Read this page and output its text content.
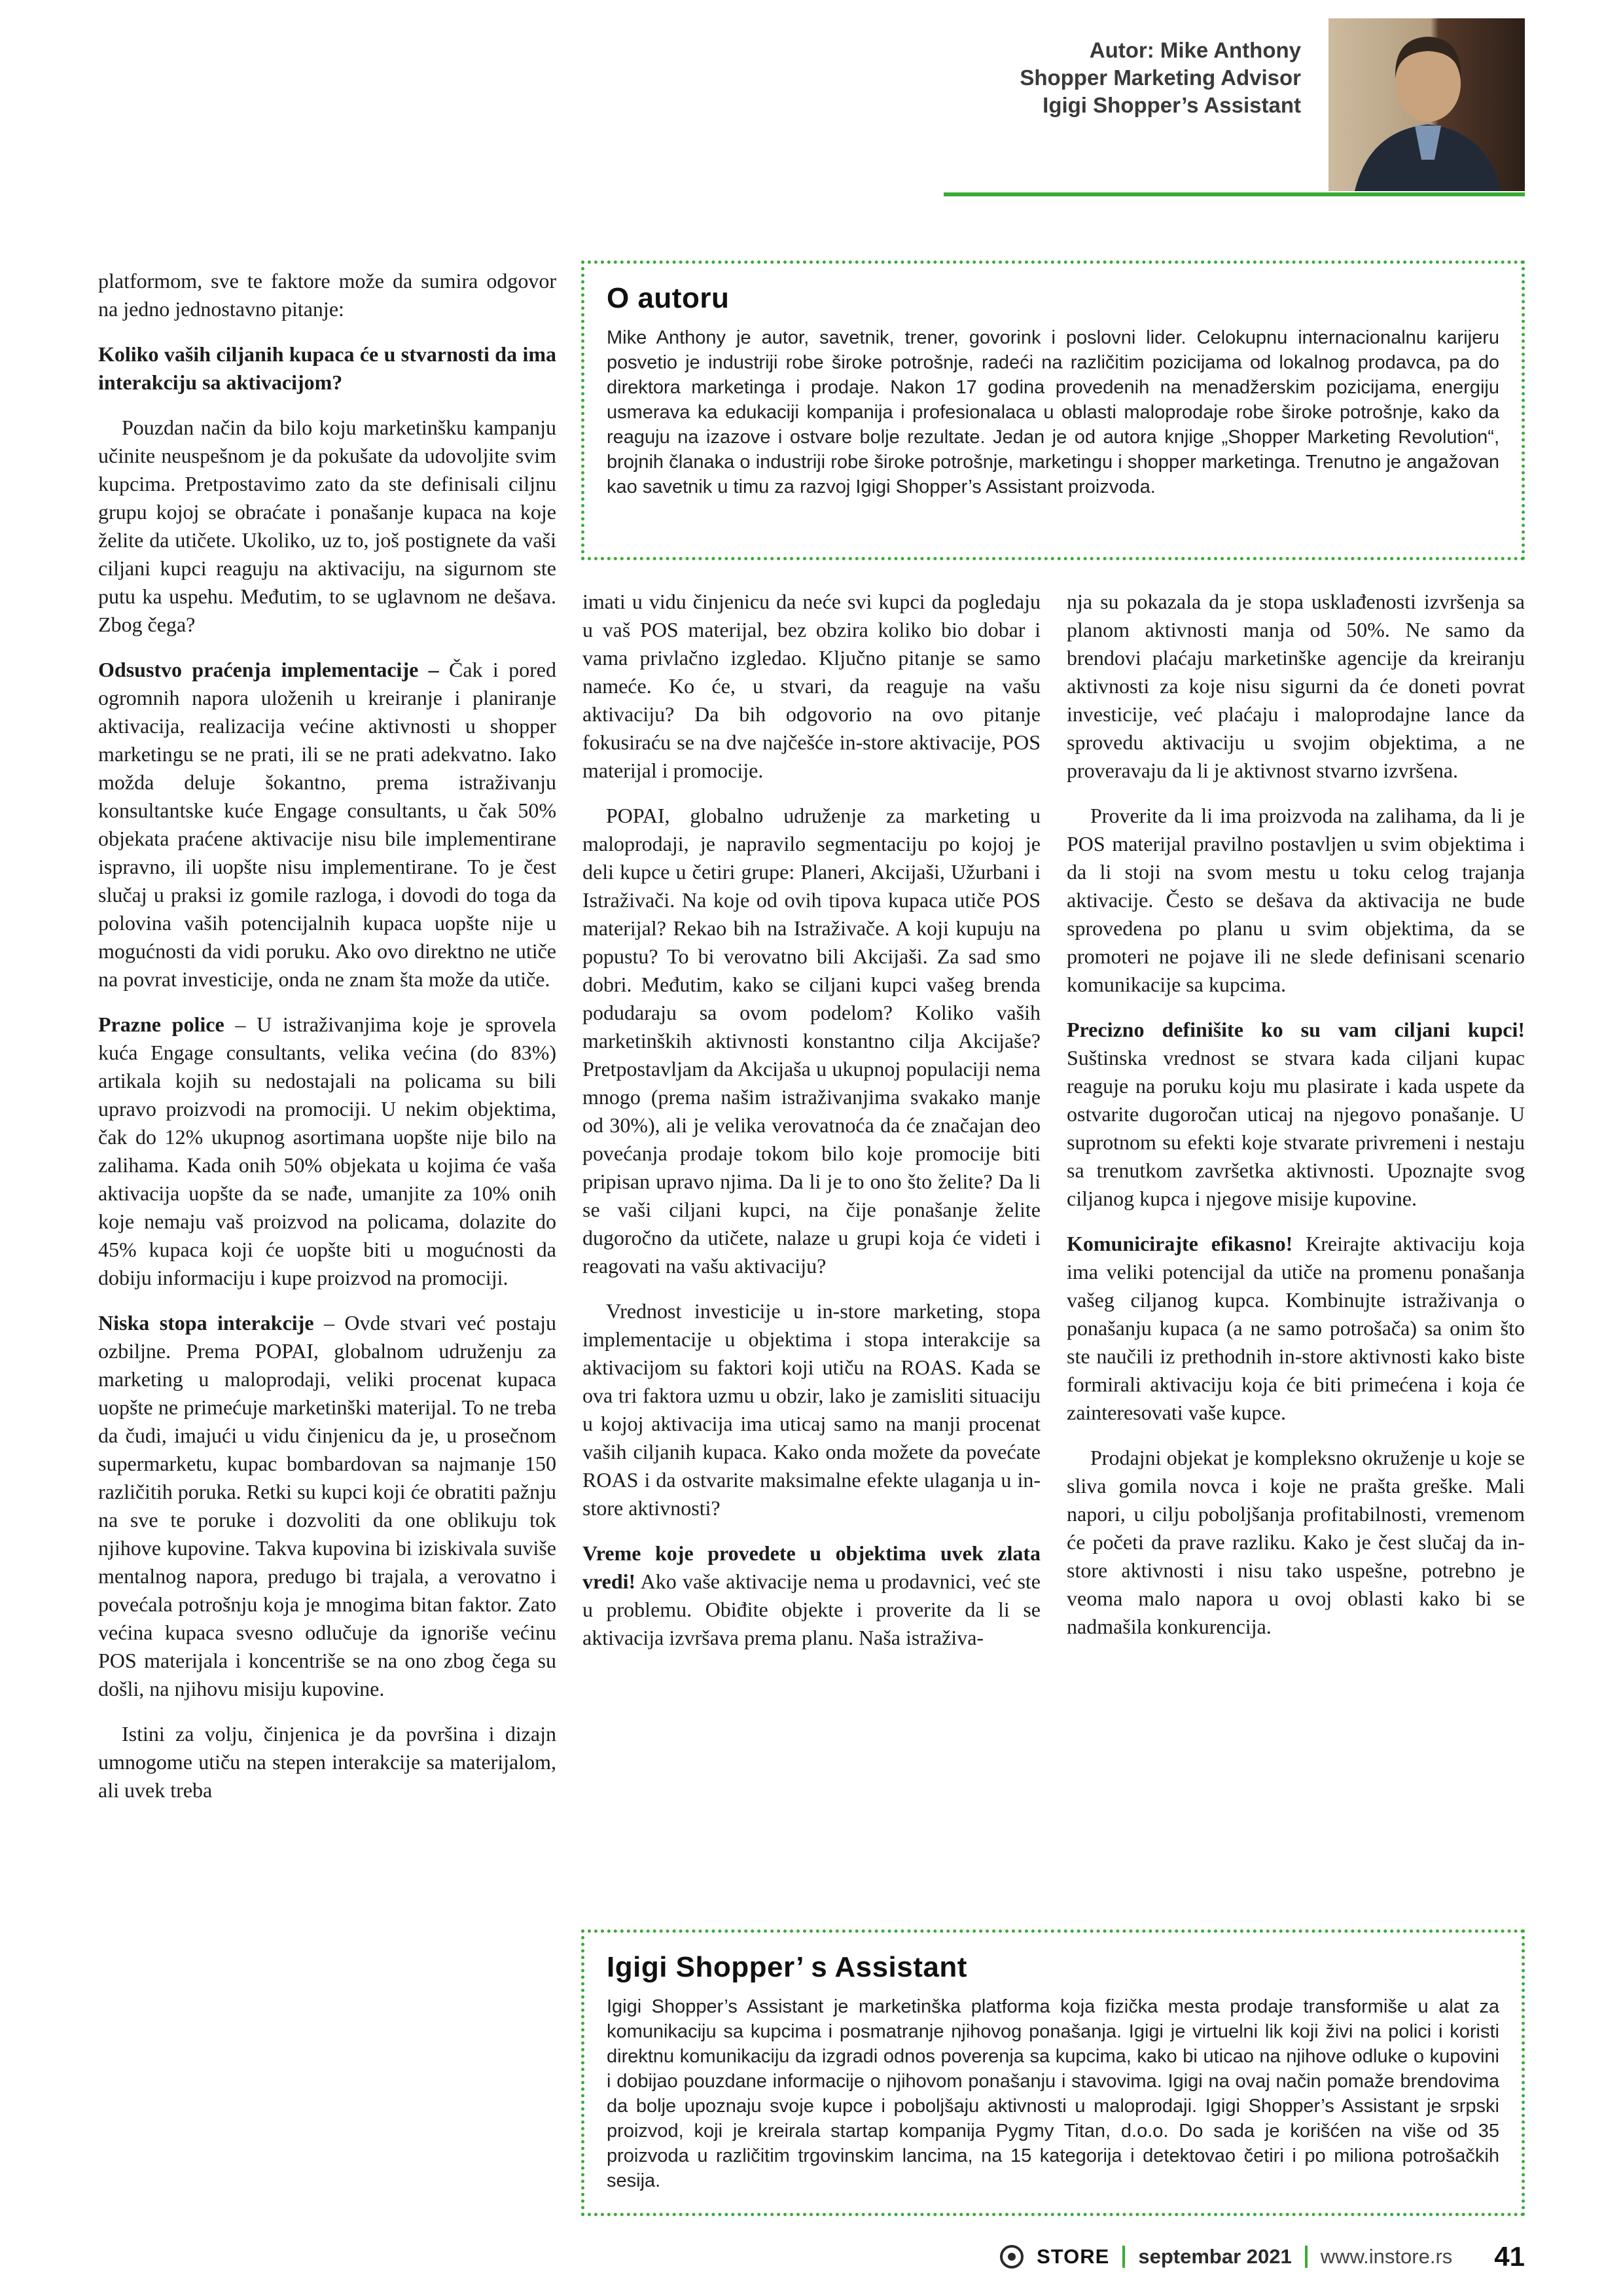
Autor: Mike Anthony
Shopper Marketing Advisor
Igigi Shopper’s Assistant
O autoru
Mike Anthony je autor, savetnik, trener, govorink i poslovni lider. Celokupnu internacionalnu karijeru posvetio je industriji robe široke potrošnje, radeći na različitim pozicijama od lokalnog prodavca, pa do direktora marketinga i prodaje. Nakon 17 godina provedenih na menadžerskim pozicijama, energiju usmerava ka edukaciji kompanija i profesionalaca u oblasti maloprodaje robe široke potrošnje, kako da reaguju na izazove i ostvare bolje rezultate. Jedan je od autora knjige „Shopper Marketing Revolution“, brojnih članaka o industriji robe široke potrošnje, marketingu i shopper marketinga. Trenutno je angažovan kao savetnik u timu za razvoj Igigi Shopper’s Assistant proizvoda.

platformom, sve te faktore može da sumira odgovor na jedno jednostavno pitanje:

Koliko vaših ciljanih kupaca će u stvarnosti da ima interakciju sa aktivacijom?

Pouzdan način da bilo koju marketinšku kampanju učinite neuspešnom je da pokušate da udovoljite svim kupcima. Pretpostavimo zato da ste definisali ciljnu grupu kojoj se obraćate i ponašanje kupaca na koje želite da utičete. Ukoliko, uz to, još postignete da vaši ciljani kupci reaguju na aktivaciju, na sigurnom ste putu ka uspehu. Međutim, to se uglavnom ne dešava. Zbog čega?

Odsustvo praćenja implementacije – Čak i pored ogromnih napora uloženih u kreiranje i planiranje aktivacija, realizacija većine aktivnosti u shopper marketingu se ne prati, ili se ne prati adekvatno. Iako možda deluje šokantno, prema istraživanju konsultantske kuće Engage consultants, u čak 50% objekata praćene aktivacije nisu bile implementirane ispravno, ili uopšte nisu implementirane. To je čest slučaj u praksi iz gomile razloga, i dovodi do toga da polovina vaših potencijalnih kupaca uopšte nije u mogućnosti da vidi poruku. Ako ovo direktno ne utiče na povrat investicije, onda ne znam šta može da utiče.

Prazne police – U istraživanjima koje je sprovela kuća Engage consultants, velika većina (do 83%) artikala kojih su nedostajali na policama su bili upravo proizvodi na promociji. U nekim objektima, čak do 12% ukupnog asortimana uopšte nije bilo na zalihama. Kada onih 50% objekata u kojima će vaša aktivacija uopšte da se nađe, umanjite za 10% onih koje nemaju vaš proizvod na policama, dolazite do 45% kupaca koji će uopšte biti u mogućnosti da dobiju informaciju i kupe proizvod na promociji.

Niska stopa interakcije – Ovde stvari već postaju ozbiljne. Prema POPAI, globalnom udruženju za marketing u maloprodaji, veliki procenat kupaca uopšte ne primećuje marketinški materijal. To ne treba da čudi, imajući u vidu činjenicu da je, u prosečnom supermarketu, kupac bombardovan sa najmanje 150 različitih poruka. Retki su kupci koji će obratiti pažnju na sve te poruke i dozvoliti da one oblikuju tok njihove kupovine. Takva kupovina bi iziskivala suviše mentalnog napora, predugo bi trajala, a verovatno i povećala potrošnju koja je mnogima bitan faktor. Zato većina kupaca svesno odlučuje da ignoriše većinu POS materijala i koncentriše se na ono zbog čega su došli, na njihovu misiju kupovine.

Istini za volju, činjenica je da površina i dizajn umnogome utiču na stepen interakcije sa materijalom, ali uvek treba

imati u vidu činjenicu da neće svi kupci da pogledaju u vaš POS materijal, bez obzira koliko bio dobar i vama privlačno izgledao. Ključno pitanje se samo nameće. Ko će, u stvari, da reaguje na vašu aktivaciju? Da bih odgovorio na ovo pitanje fokusiraću se na dve najčešće in-store aktivacije, POS materijal i promocije.

POPAI, globalno udruženje za marketing u maloprodaji, je napravilo segmentaciju po kojoj je deli kupce u četiri grupe: Planeri, Akcijaši, Užurbani i Istraživači. Na koje od ovih tipova kupaca utiče POS materijal? Rekao bih na Istraživače. A koji kupuju na popustu? To bi verovatno bili Akcijaši. Za sad smo dobri. Međutim, kako se ciljani kupci vašeg brenda podudaraju sa ovom podelom? Koliko vaših marketinških aktivnosti konstantno cilja Akcijaše? Pretpostavljam da Akcijaša u ukupnoj populaciji nema mnogo (prema našim istraživanjima svakako manje od 30%), ali je velika verovatnoća da će značajan deo povećanja prodaje tokom bilo koje promocije biti pripisan upravo njima. Da li je to ono što želite? Da li se vaši ciljani kupci, na čije ponašanje želite dugoročno da utičete, nalaze u grupi koja će videti i reagovati na vašu aktivaciju?

Vrednost investicije u in-store marketing, stopa implementacije u objektima i stopa interakcije sa aktivacijom su faktori koji utiču na ROAS. Kada se ova tri faktora uzmu u obzir, lako je zamisliti situaciju u kojoj aktivacija ima uticaj samo na manji procenat vaših ciljanih kupaca. Kako onda možete da povećate ROAS i da ostvarite maksimalne efekte ulaganja u in-store aktivnosti?

Vreme koje provedete u objektima uvek zlata vredi! Ako vaše aktivacije nema u prodavnici, već ste u problemu. Obiđite objekte i proverite da li se aktivacija izvršava prema planu. Naša istraživa-

nja su pokazala da je stopa usklađenosti izvršenja sa planom aktivnosti manja od 50%. Ne samo da brendovi plaćaju marketinške agencije da kreiranju aktivnosti za koje nisu sigurni da će doneti povrat investicije, već plaćaju i maloprodajne lance da sprovedu aktivaciju u svojim objektima, a ne proveravaju da li je aktivnost stvarno izvršena.

Proverite da li ima proizvoda na zalihama, da li je POS materijal pravilno postavljen u svim objektima i da li stoji na svom mestu u toku celog trajanja aktivacije. Često se dešava da aktivacija ne bude sprovedena po planu u svim objektima, da se promoteri ne pojave ili ne slede definisani scenario komunikacije sa kupcima.

Precizno definišite ko su vam ciljani kupci! Suštinska vrednost se stvara kada ciljani kupac reaguje na poruku koju mu plasirate i kada uspete da ostvarite dugoročan uticaj na njegovo ponašanje. U suprotnom su efekti koje stvarate privremeni i nestaju sa trenutkom završetka aktivnosti. Upoznajte svog ciljanog kupca i njegove misije kupovine.

Komunicirajte efikasno! Kreirajte aktivaciju koja ima veliki potencijal da utiče na promenu ponašanja vašeg ciljanog kupca. Kombinujte istraživanja o ponašanju kupaca (a ne samo potrošača) sa onim što ste naučili iz prethodnih in-store aktivnosti kako biste formirali aktivaciju koja će biti primećena i koja će zainteresovati vaše kupce.

Prodajni objekat je kompleksno okruženje u koje se sliva gomila novca i koje ne prašta greške. Mali napori, u cilju poboljšanja profitabilnosti, vremenom će početi da prave razliku. Kako je čest slučaj da in-store aktivnosti i nisu tako uspešne, potrebno je veoma malo napora u ovoj oblasti kako bi se nadmašila konkurencija.

Igigi Shopper’ s Assistant
Igigi Shopper’s Assistant je marketinška platforma koja fizička mesta prodaje transformiše u alat za komunikaciju sa kupcima i posmatranje njihovog ponašanja. Igigi je virtuelni lik koji živi na polici i koristi direktnu komunikaciju da izgradi odnos poverenja sa kupcima, kako bi uticao na njihove odluke o kupovini i dobijao pouzdane informacije o njihovom ponašanju i stavovima. Igigi na ovaj način pomaže brendovima da bolje upoznaju svoje kupce i poboljšaju aktivnosti u maloprodaji. Igigi Shopper’s Assistant je srpski proizvod, koji je kreirala startap kompanija Pygmy Titan, d.o.o. Do sada je korišćen na više od 35 proizvoda u različitim trgovinskim lancima, na 15 kategorija i detektovao četiri i po miliona potrošačkih sesija.
STORE septembar 2021 www.instore.rs 41
